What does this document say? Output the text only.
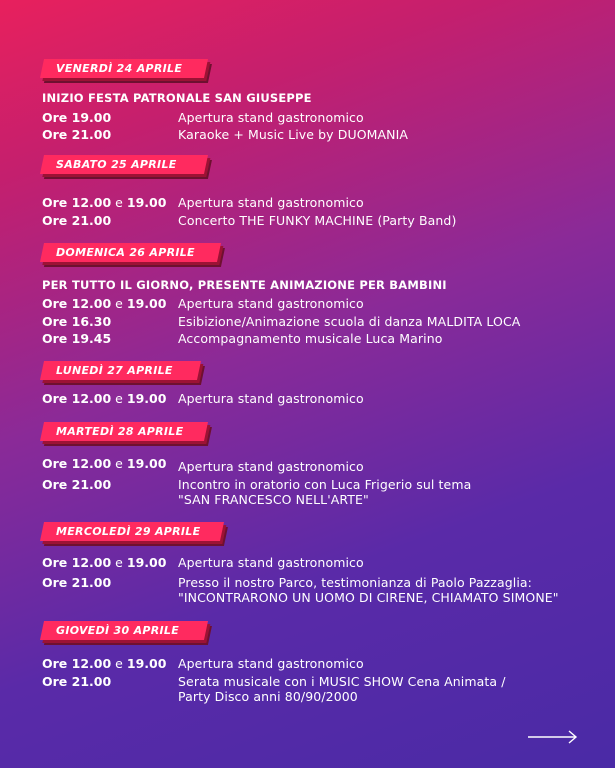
VENERDÌ 24 APRILE
INIZIO FESTA PATRONALE SAN GIUSEPPE
Ore 19.00	Apertura stand gastronomico
Ore 21.00	Karaoke + Music Live by DUOMANIA
SABATO 25 APRILE
Ore 12.00 e 19.00 Apertura stand gastronomico
Ore 21.00	Concerto THE FUNKY MACHINE (Party Band)
DOMENICA 26 APRILE
PER TUTTO IL GIORNO, PRESENTE ANIMAZIONE PER BAMBINI
Ore 12.00 e 19.00 Apertura stand gastronomico
Ore 16.30	Esibizione/Animazione scuola di danza MALDITA LOCA
Ore 19.45	Accompagnamento musicale Luca Marino
LUNEDÌ 27 APRILE
Ore 12.00 e 19.00 Apertura stand gastronomico
MARTEDÌ 28 APRILE
Ore 12.00 e 19.00 Apertura stand gastronomico
Ore 21.00	Incontro in oratorio con Luca Frigerio sul tema
"SAN FRANCESCO NELL'ARTE"
MERCOLEDÌ 29 APRILE
Ore 12.00 e 19.00 Apertura stand gastronomico
Ore 21.00	Presso il nostro Parco, testimonianza di Paolo Pazzaglia:
"INCONTRARONO UN UOMO DI CIRENE, CHIAMATO SIMONE"
GIOVEDÌ 30 APRILE
Ore 12.00 e 19.00 Apertura stand gastronomico
Ore 21.00	Serata musicale con i MUSIC SHOW Cena Animata /
Party Disco anni 80/90/2000
